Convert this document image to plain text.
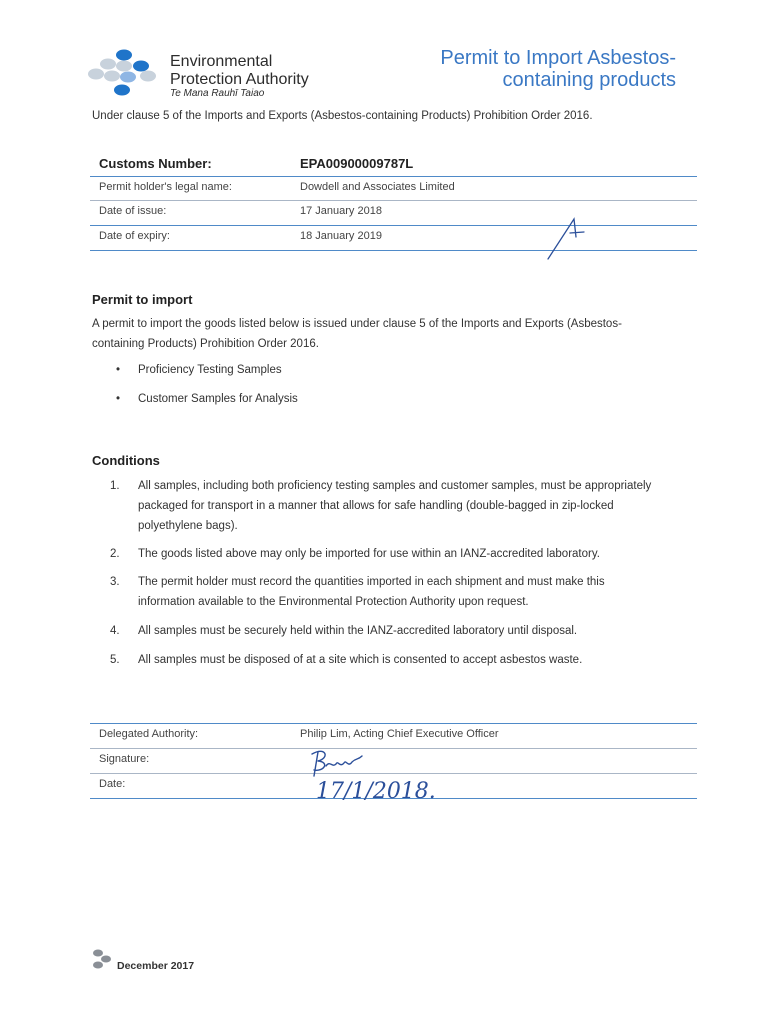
Environmental
Protection Authority
Te Mana Rauhī Taiao
Permit to Import Asbestos-
containing products
Under clause 5 of the Imports and Exports (Asbestos-containing Products) Prohibition Order 2016.
Customs Number:	EPA00900009787L
Permit holder's legal name:	Dowdell and Associates Limited
Date of issue:	17 January 2018
Date of expiry:	18 January 2019
Permit to import
A permit to import the goods listed below is issued under clause 5 of the Imports and Exports (Asbestos-containing Products) Prohibition Order 2016.
• Proficiency Testing Samples
• Customer Samples for Analysis
Conditions
1. All samples, including both proficiency testing samples and customer samples, must be appropriately packaged for transport in a manner that allows for safe handling (double-bagged in zip-locked polyethylene bags).
2. The goods listed above may only be imported for use within an IANZ-accredited laboratory.
3. The permit holder must record the quantities imported in each shipment and must make this information available to the Environmental Protection Authority upon request.
4. All samples must be securely held within the IANZ-accredited laboratory until disposal.
5. All samples must be disposed of at a site which is consented to accept asbestos waste.
Delegated Authority:	Philip Lim, Acting Chief Executive Officer
Signature:
Date:	17/1/2018.
December 2017
